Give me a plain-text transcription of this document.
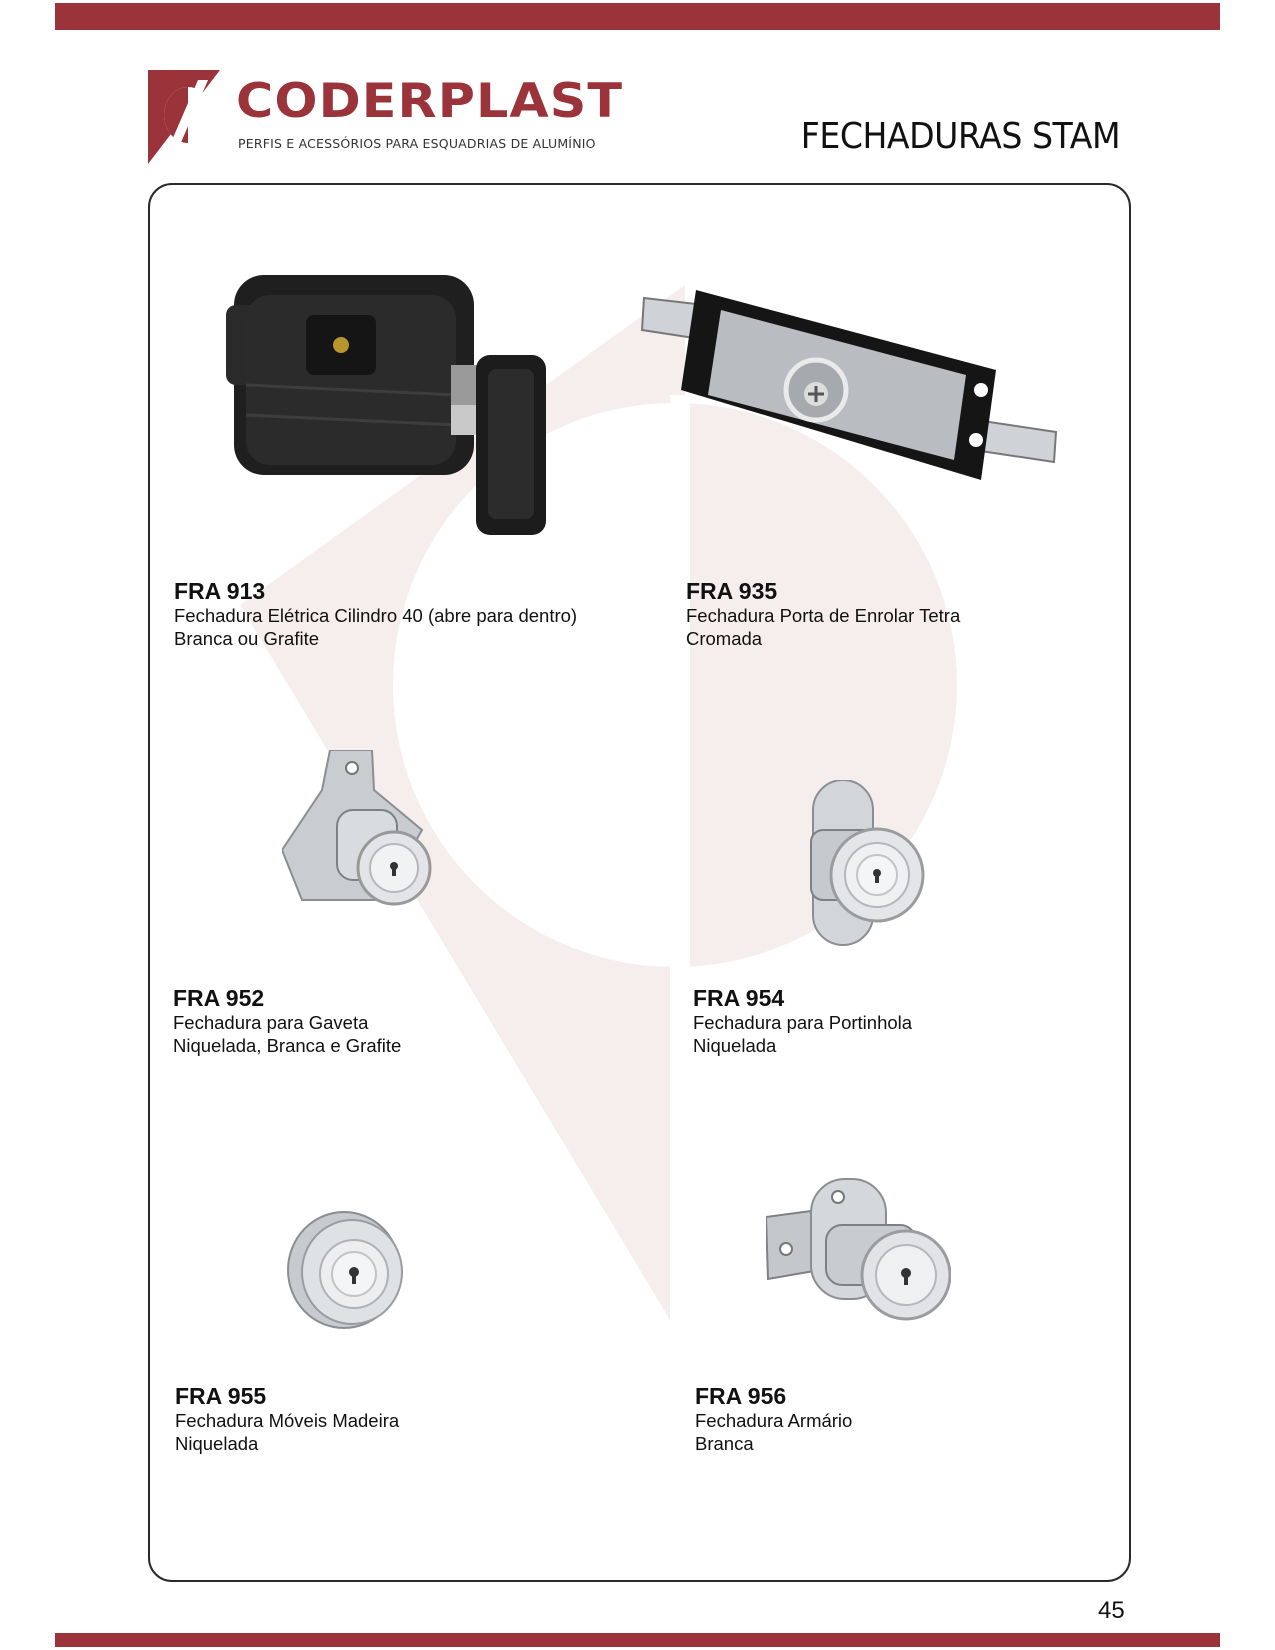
CODERPLAST
PERFIS E ACESSÓRIOS PARA ESQUADRIAS DE ALUMÍNIO	FECHADURAS STAM
FRA 913
Fechadura Elétrica Cilindro 40 (abre para dentro)
Branca ou Grafite
FRA 935
Fechadura Porta de Enrolar Tetra
Cromada
FRA 952
Fechadura para Gaveta
Niquelada, Branca e Grafite
FRA 954
Fechadura para Portinhola
Niquelada
FRA 955
Fechadura Móveis Madeira
Niquelada
FRA 956
Fechadura Armário
Branca
45
